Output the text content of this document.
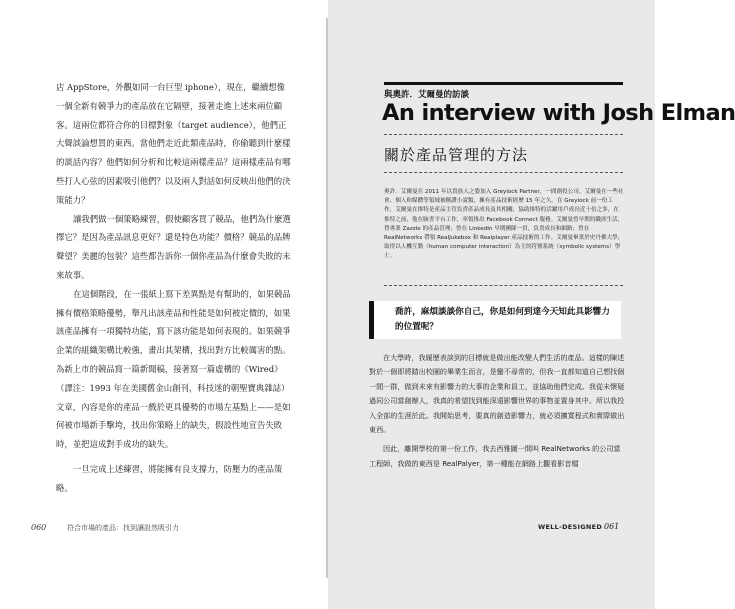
店 AppStore，外觀如同一台巨型 iphone），現在，繼續想像一個全新有競爭力的產品放在它隔壁，接著走進上述來兩位顧客。這兩位都符合你的目標對象（target audience），他們正大聲談論想買的東西。當他們走近此類產品時，你偷聽到什麼樣的談話內容？他們如何分析和比較這兩樣產品？這兩樣產品有哪些打人心弦的因素吸引他們？以及兩人對話如何反映出他們的決策能力？

讓我們做一個策略練習，假使顧客買了競品，他們為什麼選擇它？是因為產品訊息更好？還是特色功能？價格？競品的品牌聲望？美麗的包裝？這些都告訴你一個你產品為什麼會失敗的未來故事。

在這個階段，在一張紙上寫下差異點是有幫助的，如果競品擁有價格策略優勢，舉凡出該產品和性能是如何被定價的，如果該產品擁有一項獨特功能，寫下該功能是如何表現的。如果競爭企業的組織架構比較強，畫出其架構，找出對方比較厲害的點。為新上市的競品寫一篇新聞稿，接著寫一篇虛構的《Wired》（譯注：1993 年在美國舊金山創刊，科技迷的朝聖寶典雜誌）文章，內容是你的產品一戲於更具優勢的市場左基點上——是如何被市場新手擊垮，找出你策略上的缺失，假設性地宣告失敗時，並把這成對手成功的缺失。

一旦完成上述練習，將能擁有良支撐力，防壓力的產品策略。

060	符合市場的產品：找到讓設然吸引力
與奧許．艾爾曼的訪談
An interview with Josh Elman
關於產品管理的方法

奧許．艾爾曼在 2011 年以貴族人之姿加入 Greylock Partner，一間創投公司。艾爾曼在一些社會、個人和媒體等領域被稱讚小說類，擁有產品技術經歷 15 年之久。在 Greylock 前一份工作，艾爾曼在推特是產品主管負責產品成長及其相關，協助推特的活躍用戶成長近十倍之多，在推特之前，他在臉書平台工作，率領推出 Facebook Connect 服務。艾爾曼曾早期的職涯生活，替專業 Zazzle 的產品管理；曾在 LinkedIn 早期團隊一員，負責成長和網路；曾在 RealNetworks 帶領 RealJukebox 和 Realplayer 產品技術的工作。艾爾曼畢業於史丹佛大學，取得以人機互動（human computer interaction）為主的符號系統（symbolic systems）學士。

喬許，麻煩談談你自己，你是如何到達今天知此具影響力的位置呢？

在大學時，我履歷表談到的目標就是做出能改變人們生活的產品。這樣的陳述對於一個即將踏出校園的畢業生而言，是蠻不尋常的，但我一直都知道自己想找個一閒一群，做到未來有影響力的大事的企業和員工，並協助他們完成。我從未懷疑過同公司當創辦人，我真的希望找到能深遠影響世界的事物並置身其中。所以我投入全部的生涯於此。我開始思考，要真的創造影響力，就必須擴寬程式和實際做出東西。

因此，離開學校的第一份工作，我去西雅圖一間叫 RealNetworks 的公司當工程師，我做的東西是 RealPalyer，第一種能在網路上觀看影音檔

WELL-DESIGNED 061
